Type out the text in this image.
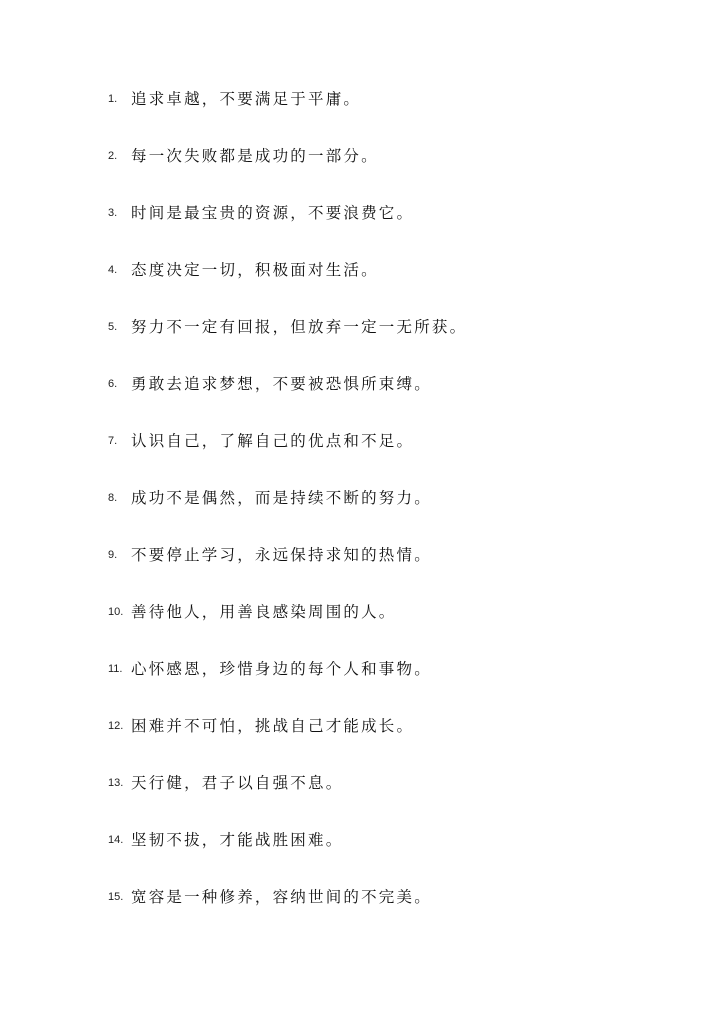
1. 追求卓越，不要满足于平庸。
2. 每一次失败都是成功的一部分。
3. 时间是最宝贵的资源，不要浪费它。
4. 态度决定一切，积极面对生活。
5. 努力不一定有回报，但放弃一定一无所获。
6. 勇敢去追求梦想，不要被恐惧所束缚。
7. 认识自己，了解自己的优点和不足。
8. 成功不是偶然，而是持续不断的努力。
9. 不要停止学习，永远保持求知的热情。
10. 善待他人，用善良感染周围的人。
11. 心怀感恩，珍惜身边的每个人和事物。
12. 困难并不可怕，挑战自己才能成长。
13. 天行健，君子以自强不息。
14. 坚韧不拔，才能战胜困难。
15. 宽容是一种修养，容纳世间的不完美。
